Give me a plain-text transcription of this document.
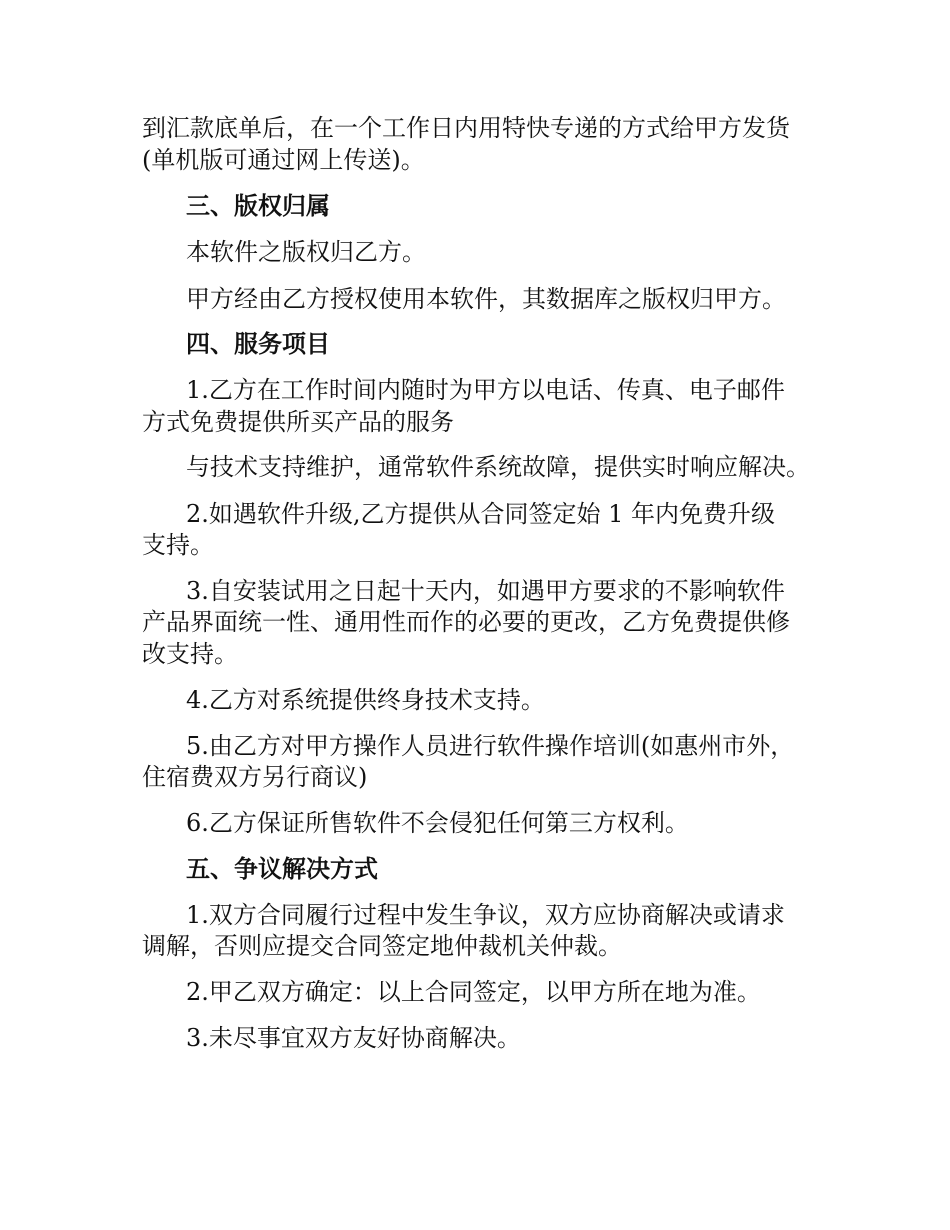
到汇款底单后，在一个工作日内用特快专递的方式给甲方发货

(单机版可通过网上传送)。

三、版权归属

本软件之版权归乙方。

甲方经由乙方授权使用本软件，其数据库之版权归甲方。

四、服务项目

1.乙方在工作时间内随时为甲方以电话、传真、电子邮件

方式免费提供所买产品的服务

与技术支持维护，通常软件系统故障，提供实时响应解决。

2.如遇软件升级,乙方提供从合同签定始 1 年内免费升级

支持。

3.自安装试用之日起十天内，如遇甲方要求的不影响软件

产品界面统一性、通用性而作的必要的更改，乙方免费提供修

改支持。

4.乙方对系统提供终身技术支持。

5.由乙方对甲方操作人员进行软件操作培训(如惠州市外，

住宿费双方另行商议)

6.乙方保证所售软件不会侵犯任何第三方权利。

五、争议解决方式

1.双方合同履行过程中发生争议，双方应协商解决或请求

调解，否则应提交合同签定地仲裁机关仲裁。

2.甲乙双方确定：以上合同签定，以甲方所在地为准。

3.未尽事宜双方友好协商解决。
